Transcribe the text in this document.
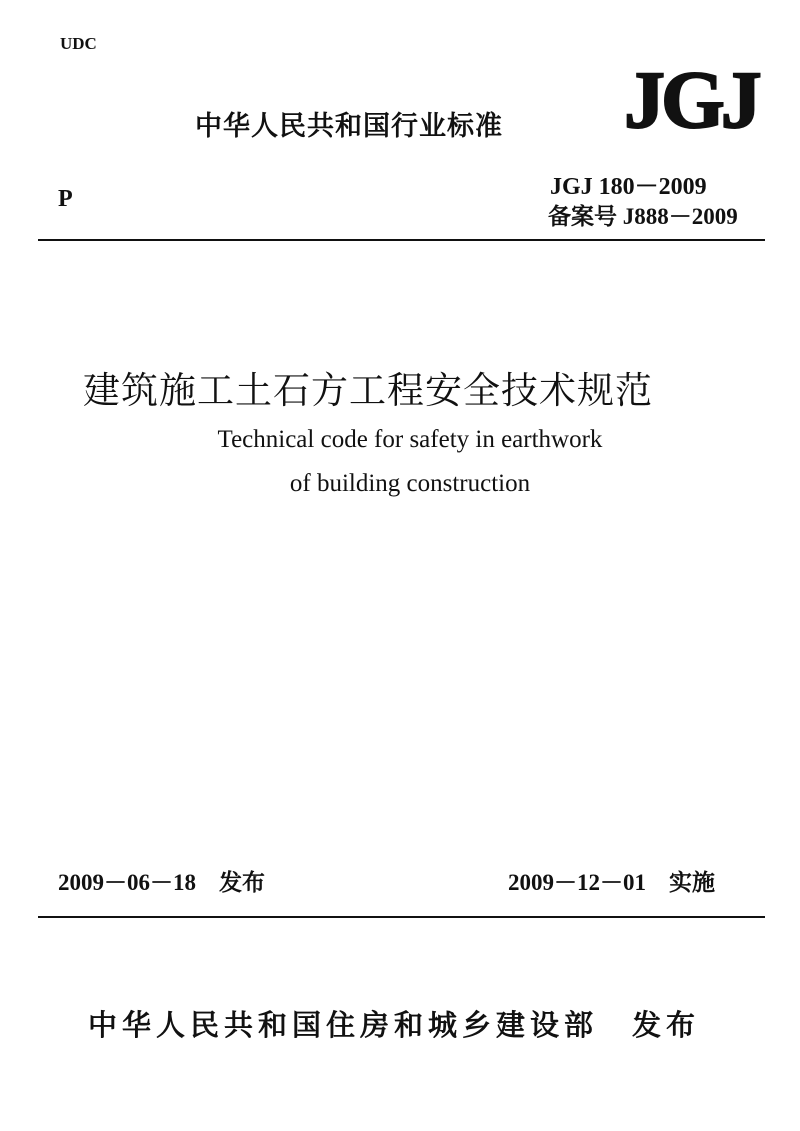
UDC
中华人民共和国行业标准 JGJ
JGJ 180－2009
备案号 J888－2009
P
建筑施工土石方工程安全技术规范
Technical code for safety in earthwork
of building construction
2009－06－18　发布	2009－12－01　实施
中华人民共和国住房和城乡建设部　发布
